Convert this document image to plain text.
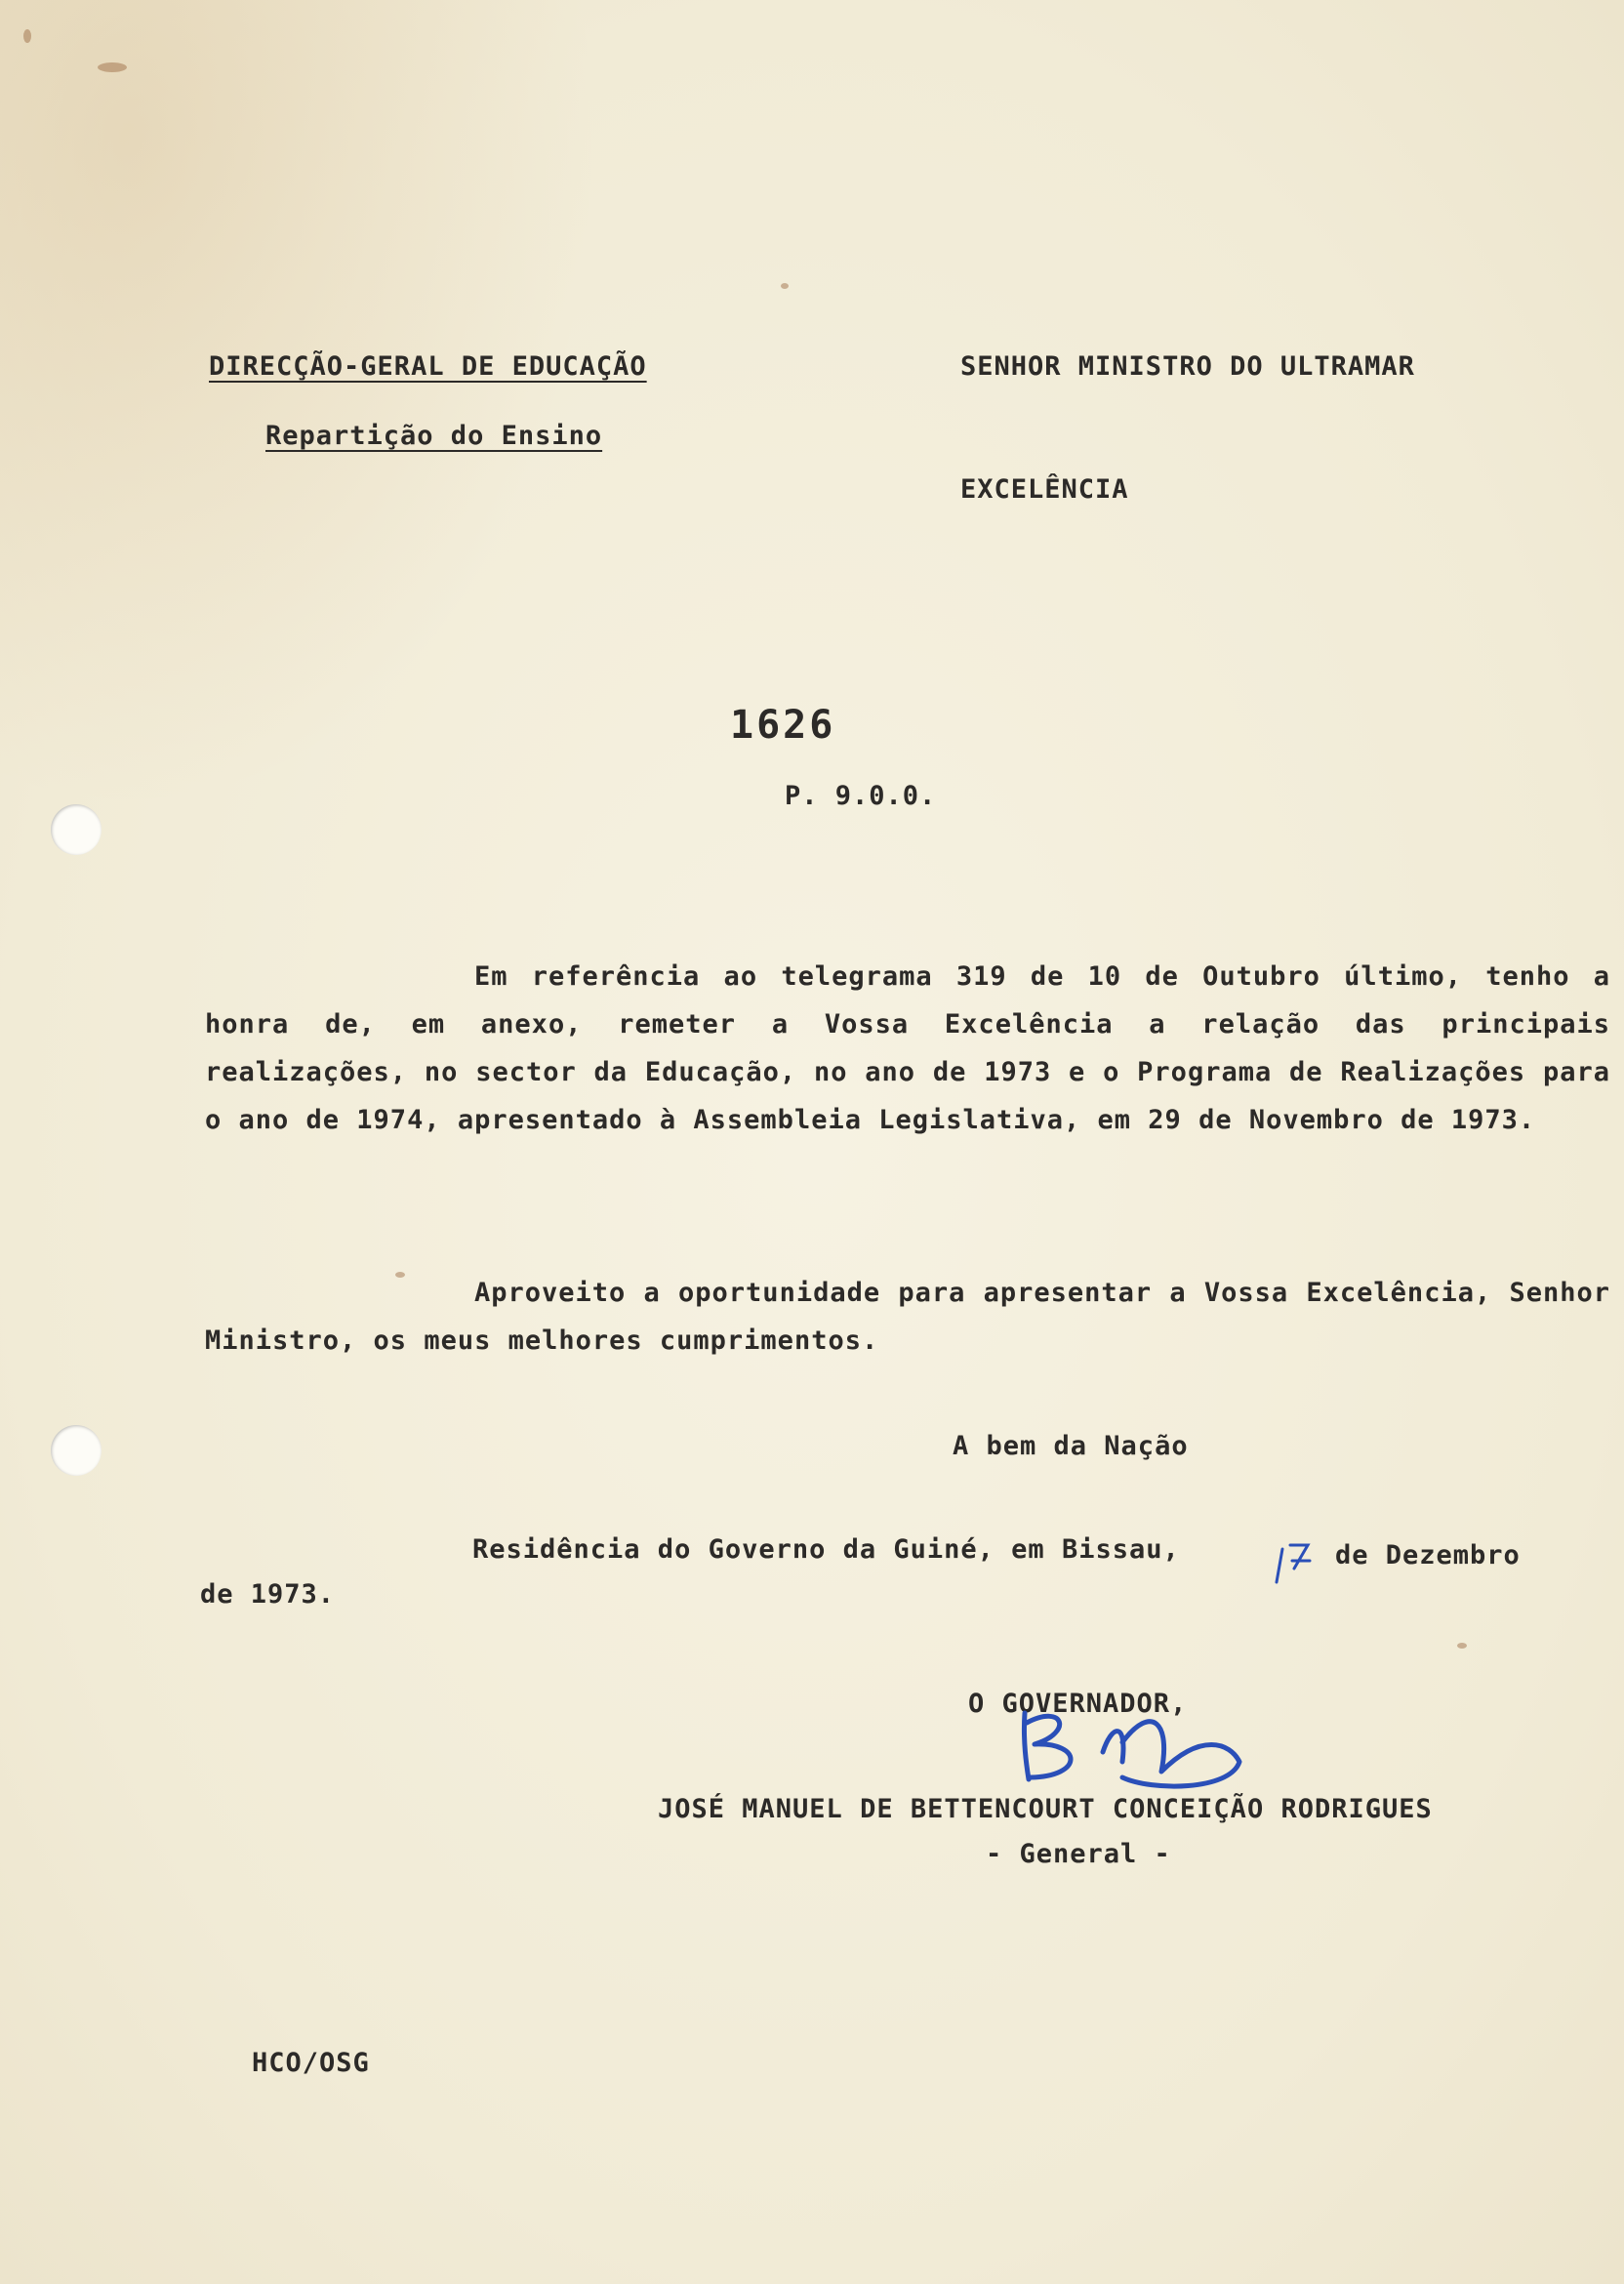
DIRECÇÃO-GERAL DE EDUCAÇÃO
Repartição do Ensino
SENHOR MINISTRO DO ULTRAMAR
EXCELÊNCIA
1626
P. 9.0.0.
Em referência ao telegrama 319 de 10 de Outubro último, tenho a honra de, em anexo, remeter a Vossa Excelência a relação das principais realizações, no sector da Educação, no ano de 1973 e o Programa de Realizações para o ano de 1974, apresentado à Assembleia Legislativa, em 29 de Novembro de 1973.
Aproveito a oportunidade para apresentar a Vossa Excelência, Senhor Ministro, os meus melhores cumprimentos.
A bem da Nação
Residência do Governo da Guiné, em Bissau,	de Dezembro
de 1973.
O GOVERNADOR,
JOSÉ MANUEL DE BETTENCOURT CONCEIÇÃO RODRIGUES
- General -
HCO/OSG
